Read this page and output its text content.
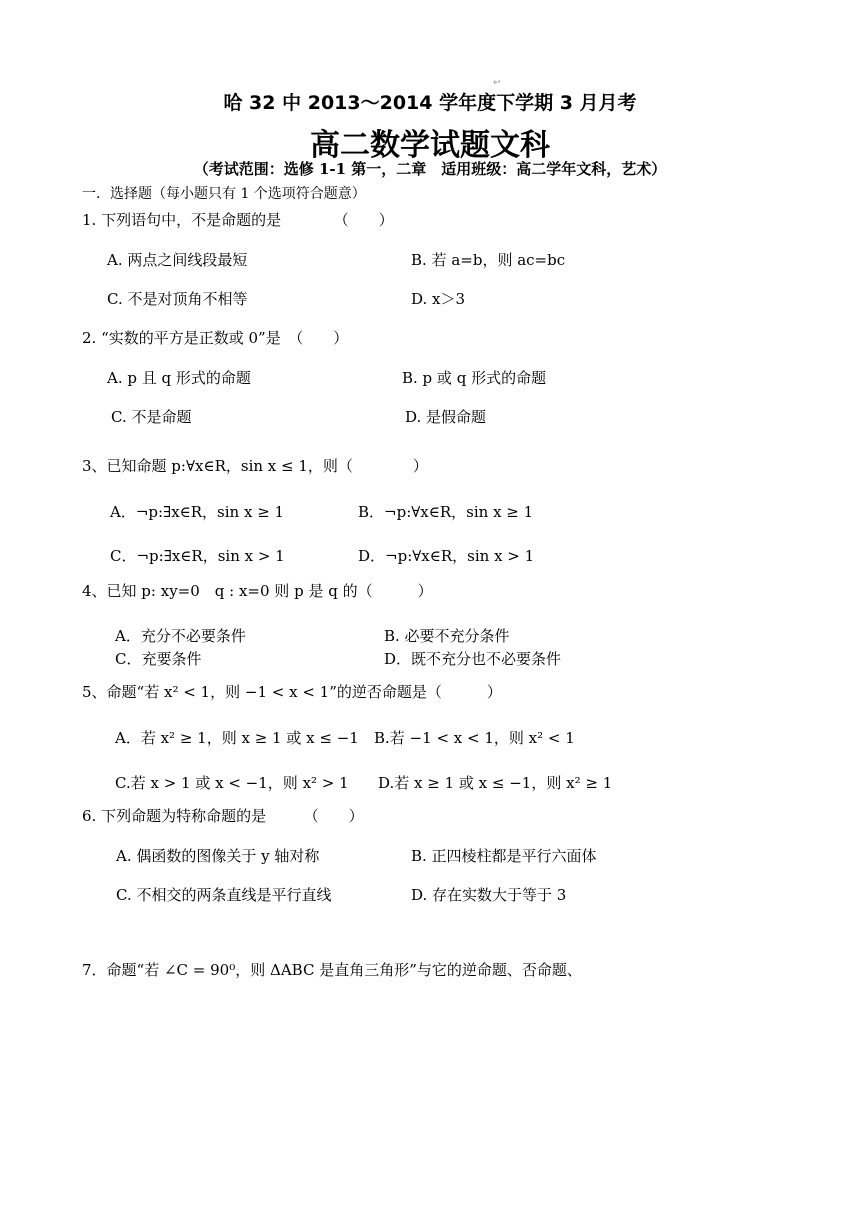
↩
哈 32 中 2013～2014 学年度下学期 3 月月考
高二数学试题文科
（考试范围：选修 1-1 第一，二章　适用班级：高二学年文科，艺术）
一．选择题（每小题只有 1 个选项符合题意）
1. 下列语句中，不是命题的是　　　　（　　）
A. 两点之间线段最短	B. 若 a=b，则 ac=bc
C. 不是对顶角不相等	D. x＞3
2. “实数的平方是正数或 0”是　（　　）
A. p 且 q 形式的命题	B. p 或 q 形式的命题
C. 不是命题	D. 是假命题
3、已知命题 p:∀x∈R，sin x ≤ 1，则（　　　　）
A．¬p:∃x∈R，sin x ≥ 1	B．¬p:∀x∈R，sin x ≥ 1
C．¬p:∃x∈R，sin x > 1	D．¬p:∀x∈R，sin x > 1
4、已知 p: xy=0　q : x=0 则 p 是 q 的（　　　）
A．充分不必要条件	B. 必要不充分条件
C．充要条件	D．既不充分也不必要条件
5、命题“若 x² < 1，则 −1 < x < 1”的逆否命题是（　　　）
A．若 x² ≥ 1，则 x ≥ 1 或 x ≤ −1 B.若 −1 < x < 1，则 x² < 1
C.若 x > 1 或 x < −1，则 x² > 1 D.若 x ≥ 1 或 x ≤ −1，则 x² ≥ 1
6. 下列命题为特称命题的是　　　（　　）
A. 偶函数的图像关于 y 轴对称	B. 正四棱柱都是平行六面体
C. 不相交的两条直线是平行直线	D. 存在实数大于等于 3
7．命题“若 ∠C = 90⁰，则 ΔABC 是直角三角形”与它的逆命题、否命题、
